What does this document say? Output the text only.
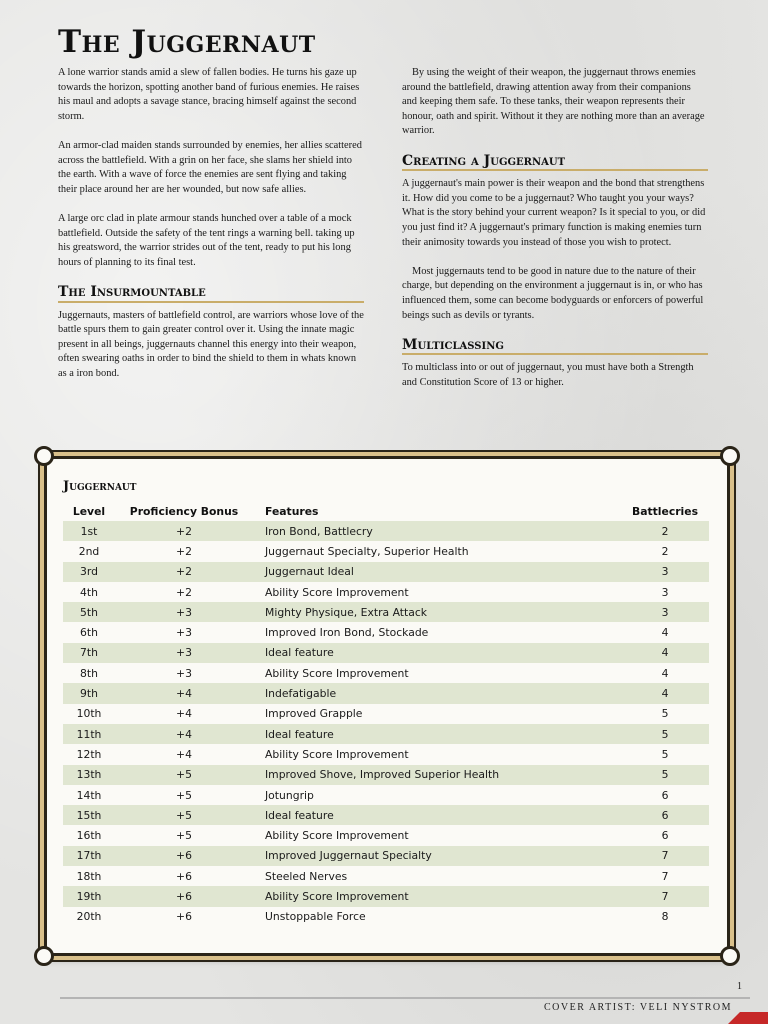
The Juggernaut

A lone warrior stands amid a slew of fallen bodies. He turns his gaze up towards the horizon, spotting another band of furious enemies. He raises his maul and adopts a savage stance, bracing himself against the second storm.

An armor-clad maiden stands surrounded by enemies, her allies scattered across the battlefield. With a grin on her face, she slams her shield into the earth. With a wave of force the enemies are sent flying and taking their place around her are her wounded, but now safe allies.

A large orc clad in plate armour stands hunched over a table of a mock battlefield. Outside the safety of the tent rings a warning bell. taking up his greatsword, the warrior strides out of the tent, ready to put his long hours of planning to its final test.

The Insurmountable

Juggernauts, masters of battlefield control, are warriors whose love of the battle spurs them to gain greater control over it. Using the innate magic present in all beings, juggernauts channel this energy into their weapon, often swearing oaths in order to bind the shield to them in whats known as a iron bond.

By using the weight of their weapon, the juggernaut throws enemies around the battlefield, drawing attention away from their companions and keeping them safe. To these tanks, their weapon represents their honour, oath and spirit. Without it they are nothing more than an average warrior.

Creating a Juggernaut

A juggernaut's main power is their weapon and the bond that strengthens it. How did you come to be a juggernaut? Who taught you your ways? What is the story behind your current weapon? Is it special to you, or did you just find it? A juggernaut's primary function is making enemies turn their animosity towards you instead of those you wish to protect.

Most juggernauts tend to be good in nature due to the nature of their charge, but depending on the environment a juggernaut is in, or who has influenced them, some can become bodyguards or enforcers of powerful beings such as devils or tyrants.

Multiclassing

To multiclass into or out of juggernaut, you must have both a Strength and Constitution Score of 13 or higher.

Juggernaut
Level	Proficiency Bonus	Features	Battlecries
1st	+2	Iron Bond, Battlecry	2
2nd	+2	Juggernaut Specialty, Superior Health	2
3rd	+2	Juggernaut Ideal	3
4th	+2	Ability Score Improvement	3
5th	+3	Mighty Physique, Extra Attack	3
6th	+3	Improved Iron Bond, Stockade	4
7th	+3	Ideal feature	4
8th	+3	Ability Score Improvement	4
9th	+4	Indefatigable	4
10th	+4	Improved Grapple	5
11th	+4	Ideal feature	5
12th	+4	Ability Score Improvement	5
13th	+5	Improved Shove, Improved Superior Health	5
14th	+5	Jotungrip	6
15th	+5	Ideal feature	6
16th	+5	Ability Score Improvement	6
17th	+6	Improved Juggernaut Specialty	7
18th	+6	Steeled Nerves	7
19th	+6	Ability Score Improvement	7
20th	+6	Unstoppable Force	8
1
COVER ARTIST: VELI NYSTROM
